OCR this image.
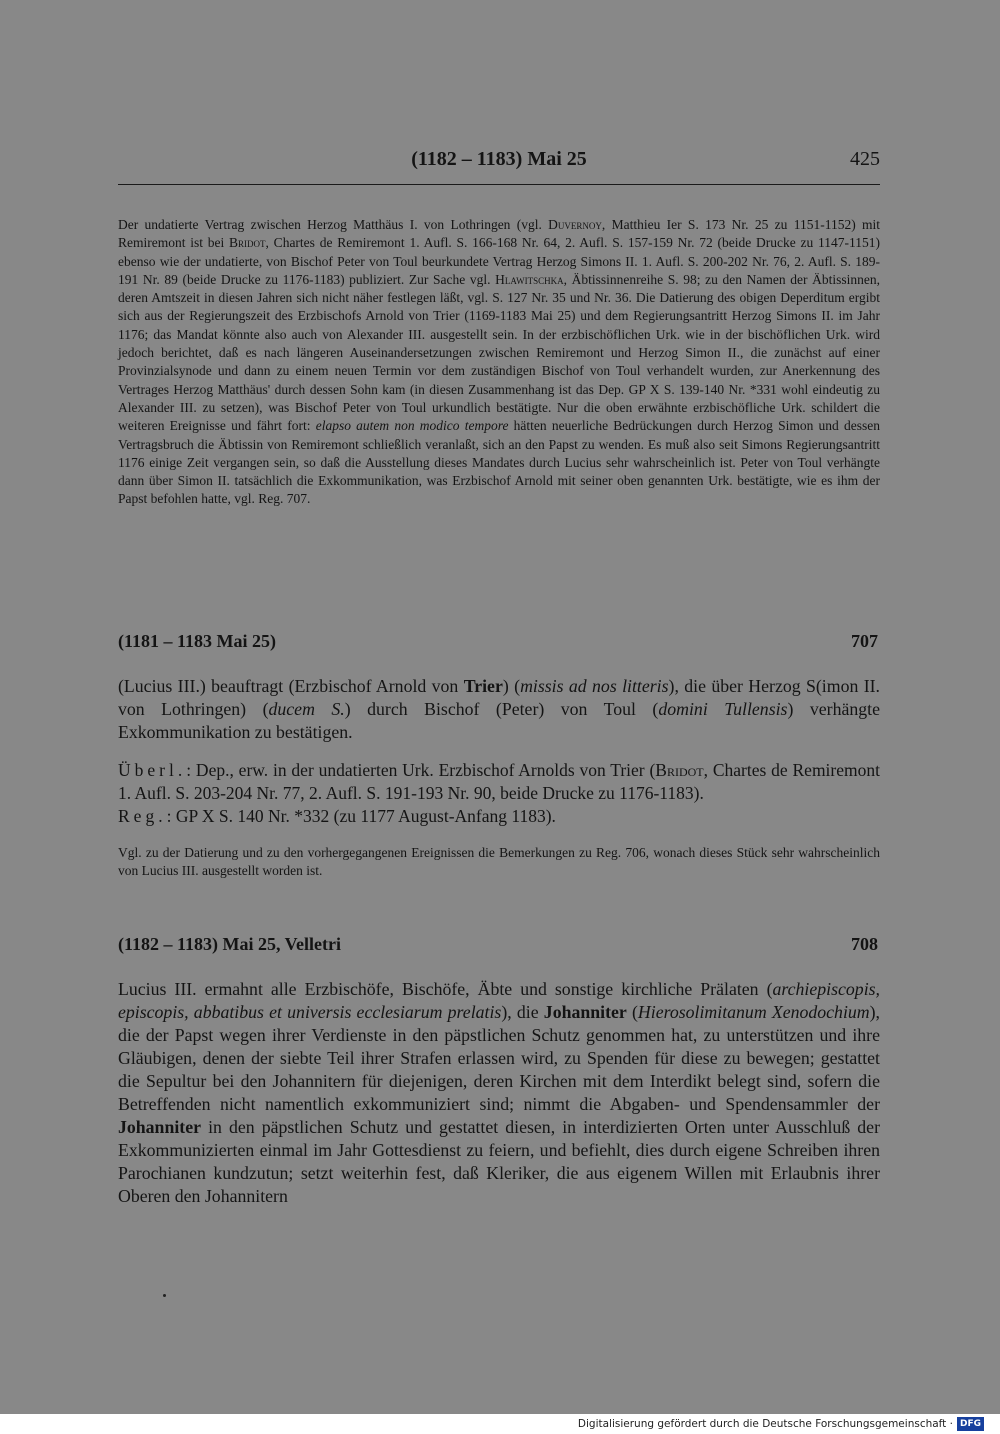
(1182 – 1183) Mai 25	425
Der undatierte Vertrag zwischen Herzog Matthäus I. von Lothringen (vgl. Duvernoy, Matthieu Ier S. 173 Nr. 25 zu 1151-1152) mit Remiremont ist bei Bridot, Chartes de Remiremont 1. Aufl. S. 166-168 Nr. 64, 2. Aufl. S. 157-159 Nr. 72 (beide Drucke zu 1147-1151) ebenso wie der undatierte, von Bischof Peter von Toul beurkundete Vertrag Herzog Simons II. 1. Aufl. S. 200-202 Nr. 76, 2. Aufl. S. 189-191 Nr. 89 (beide Drucke zu 1176-1183) publiziert. Zur Sache vgl. Hlawitschka, Äbtissinnenreihe S. 98; zu den Namen der Äbtissinnen, deren Amtszeit in diesen Jahren sich nicht näher festlegen läßt, vgl. S. 127 Nr. 35 und Nr. 36. Die Datierung des obigen Deperditum ergibt sich aus der Regierungszeit des Erzbischofs Arnold von Trier (1169-1183 Mai 25) und dem Regierungsantritt Herzog Simons II. im Jahr 1176; das Mandat könnte also auch von Alexander III. ausgestellt sein. In der erzbischöflichen Urk. wie in der bischöflichen Urk. wird jedoch berichtet, daß es nach längeren Auseinandersetzungen zwischen Remiremont und Herzog Simon II., die zunächst auf einer Provinzialsynode und dann zu einem neuen Termin vor dem zuständigen Bischof von Toul verhandelt wurden, zur Anerkennung des Vertrages Herzog Matthäus' durch dessen Sohn kam (in diesen Zusammenhang ist das Dep. GP X S. 139-140 Nr. *331 wohl eindeutig zu Alexander III. zu setzen), was Bischof Peter von Toul urkundlich bestätigte. Nur die oben erwähnte erzbischöfliche Urk. schildert die weiteren Ereignisse und fährt fort: elapso autem non modico tempore hätten neuerliche Bedrückungen durch Herzog Simon und dessen Vertragsbruch die Äbtissin von Remiremont schließlich veranlaßt, sich an den Papst zu wenden. Es muß also seit Simons Regierungsantritt 1176 einige Zeit vergangen sein, so daß die Ausstellung dieses Mandates durch Lucius sehr wahrscheinlich ist. Peter von Toul verhängte dann über Simon II. tatsächlich die Exkommunikation, was Erzbischof Arnold mit seiner oben genannten Urk. bestätigte, wie es ihm der Papst befohlen hatte, vgl. Reg. 707.
(1181 – 1183 Mai 25)	707
(Lucius III.) beauftragt (Erzbischof Arnold von Trier) (missis ad nos litteris), die über Herzog S(imon II. von Lothringen) (ducem S.) durch Bischof (Peter) von Toul (domini Tullensis) verhängte Exkommunikation zu bestätigen.
Überl.: Dep., erw. in der undatierten Urk. Erzbischof Arnolds von Trier (Bridot, Chartes de Remiremont 1. Aufl. S. 203-204 Nr. 77, 2. Aufl. S. 191-193 Nr. 90, beide Drucke zu 1176-1183).
Reg.: GP X S. 140 Nr. *332 (zu 1177 August-Anfang 1183).
Vgl. zu der Datierung und zu den vorhergegangenen Ereignissen die Bemerkungen zu Reg. 706, wonach dieses Stück sehr wahrscheinlich von Lucius III. ausgestellt worden ist.
(1182 – 1183) Mai 25, Velletri	708
Lucius III. ermahnt alle Erzbischöfe, Bischöfe, Äbte und sonstige kirchliche Prälaten (archiepiscopis, episcopis, abbatibus et universis ecclesiarum prelatis), die Johanniter (Hierosolimitanum Xenodochium), die der Papst wegen ihrer Verdienste in den päpstlichen Schutz genommen hat, zu unterstützen und ihre Gläubigen, denen der siebte Teil ihrer Strafen erlassen wird, zu Spenden für diese zu bewegen; gestattet die Sepultur bei den Johannitern für diejenigen, deren Kirchen mit dem Interdikt belegt sind, sofern die Betreffenden nicht namentlich exkommuniziert sind; nimmt die Abgaben- und Spendensammler der Johanniter in den päpstlichen Schutz und gestattet diesen, in interdizierten Orten unter Ausschluß der Exkommunizierten einmal im Jahr Gottesdienst zu feiern, und befiehlt, dies durch eigene Schreiben ihren Parochianen kundzutun; setzt weiterhin fest, daß Kleriker, die aus eigenem Willen mit Erlaubnis ihrer Oberen den Johannitern
Digitalisierung gefördert durch die Deutsche Forschungsgemeinschaft · DFG
